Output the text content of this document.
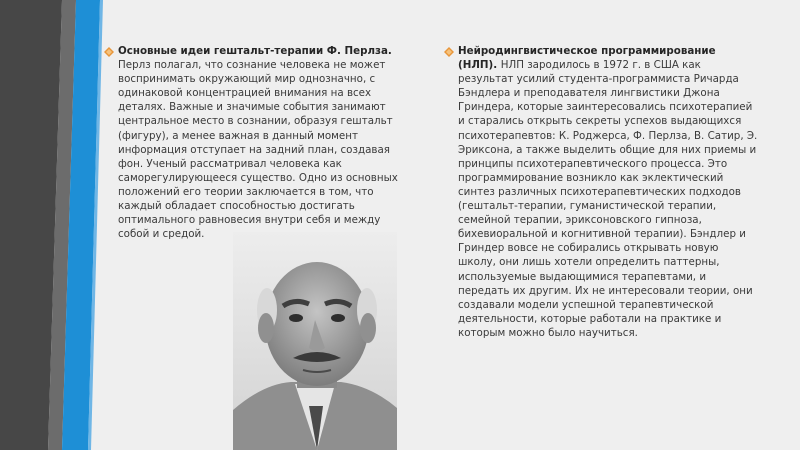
Основные идеи гештальт-терапии Ф. Перлза. Перлз полагал, что сознание человека не может воспринимать окружающий мир однозначно, с одинаковой концентрацией внимания на всех деталях. Важные и значимые события занимают центральное место в сознании, образуя гештальт (фигуру), а менее важная в данный момент информация отступает на задний план, создавая фон. Ученый рассматривал человека как саморегулирующееся существо. Одно из основных положений его теории заключается в том, что каждый обладает способностью достигать оптимального равновесия внутри себя и между собой и средой.
Нейродингвистическое программирование (НЛП). НЛП зародилось в 1972 г. в США как результат усилий студента-программиста Ричарда Бэндлера и преподавателя лингвистики Джона Гриндера, которые заинтересовались психотерапией и старались открыть секреты успехов выдающихся психотерапевтов: К. Роджерса, Ф. Перлза, В. Сатир, Э. Эриксона, а также выделить общие для них приемы и принципы психотерапевтического процесса. Это программирование возникло как эклектический синтез различных психотерапевтических подходов (гештальт-терапии, гуманистической терапии, семейной терапии, эриксоновского гипноза, бихевиоральной и когнитивной терапии). Бэндлер и Гриндер вовсе не собирались открывать новую школу, они лишь хотели определить паттерны, используемые выдающимися терапевтами, и передать их другим. Их не интересовали теории, они создавали модели успешной терапевтической деятельности, которые работали на практике и которым можно было научиться.
